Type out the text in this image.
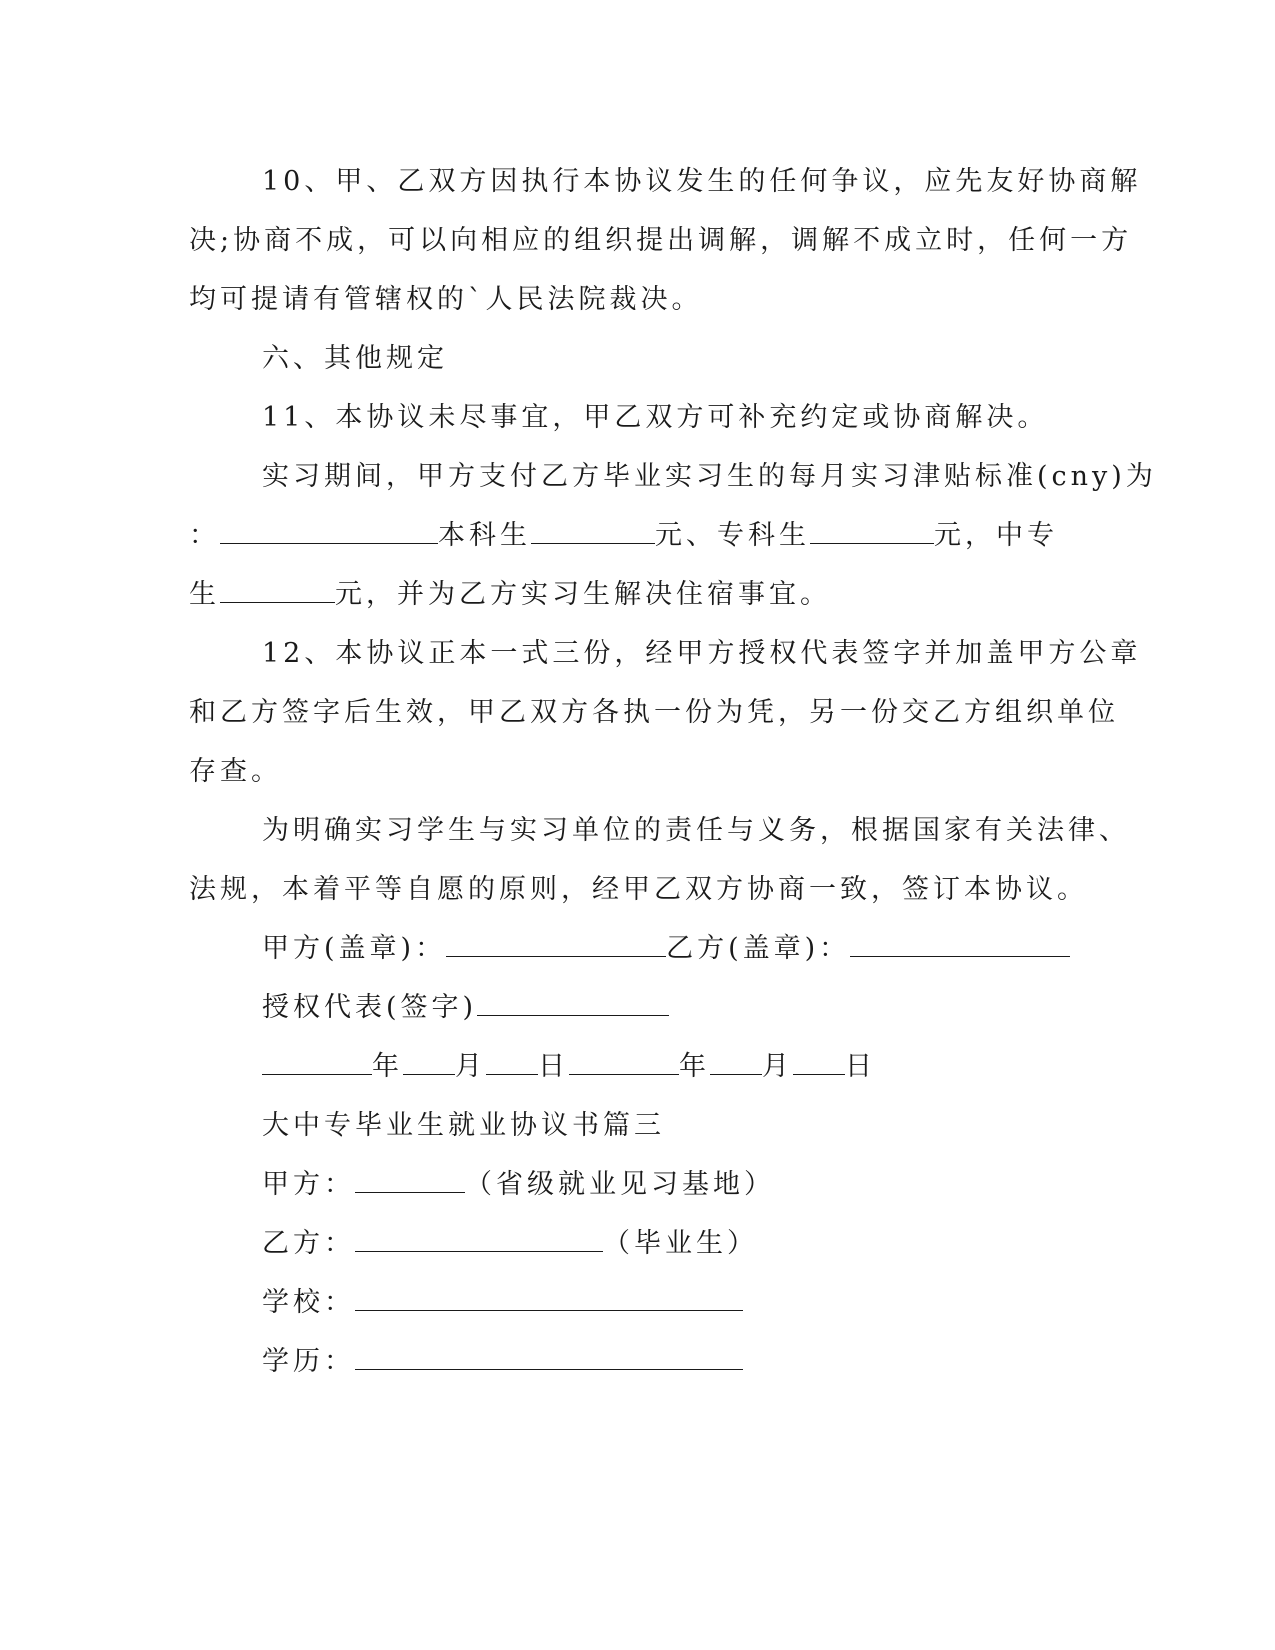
10、甲、乙双方因执行本协议发生的任何争议，应先友好协商解
决;协商不成，可以向相应的组织提出调解，调解不成立时，任何一方
均可提请有管辖权的`人民法院裁决。
六、其他规定
11、本协议未尽事宜，甲乙双方可补充约定或协商解决。
实习期间，甲方支付乙方毕业实习生的每月实习津贴标准(cny)为
：	本科生	元、专科生	元，中专
生	元，并为乙方实习生解决住宿事宜。
12、本协议正本一式三份，经甲方授权代表签字并加盖甲方公章
和乙方签字后生效，甲乙双方各执一份为凭，另一份交乙方组织单位
存查。
为明确实习学生与实习单位的责任与义务，根据国家有关法律、
法规，本着平等自愿的原则，经甲乙双方协商一致，签订本协议。
甲方(盖章)：	乙方(盖章)：
授权代表(签字)
年 月 日	年 月 日
大中专毕业生就业协议书篇三
甲方：	（省级就业见习基地）
乙方：	（毕业生）
学校：
学历：
